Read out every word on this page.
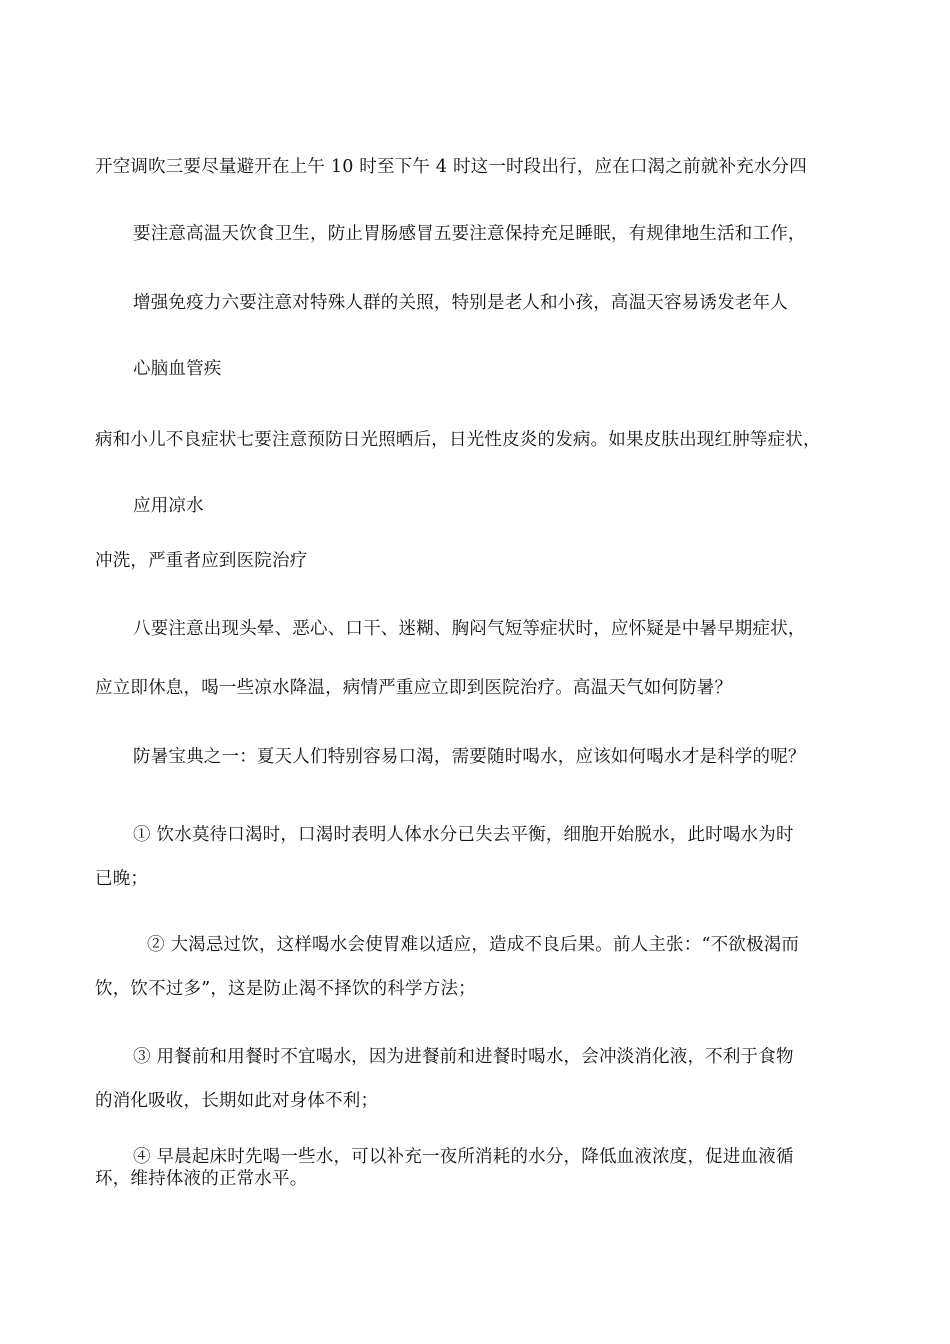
开空调吹三要尽量避开在上午 10 时至下午 4 时这一时段出行，应在口渴之前就补充水分四
要注意高温天饮食卫生，防止胃肠感冒五要注意保持充足睡眠，有规律地生活和工作，
增强免疫力六要注意对特殊人群的关照，特别是老人和小孩，高温天容易诱发老年人
心脑血管疾
病和小儿不良症状七要注意预防日光照晒后，日光性皮炎的发病。如果皮肤出现红肿等症状，
应用凉水
冲洗，严重者应到医院治疗
八要注意出现头晕、恶心、口干、迷糊、胸闷气短等症状时，应怀疑是中暑早期症状，
应立即休息，喝一些凉水降温，病情严重应立即到医院治疗。高温天气如何防暑？
防暑宝典之一：夏天人们特别容易口渴，需要随时喝水，应该如何喝水才是科学的呢？
① 饮水莫待口渴时，口渴时表明人体水分已失去平衡，细胞开始脱水，此时喝水为时
已晚；
② 大渴忌过饮，这样喝水会使胃难以适应，造成不良后果。前人主张：“不欲极渴而
饮，饮不过多”，这是防止渴不择饮的科学方法；
③ 用餐前和用餐时不宜喝水，因为进餐前和进餐时喝水，会冲淡消化液，不利于食物
的消化吸收，长期如此对身体不利；
④ 早晨起床时先喝一些水，可以补充一夜所消耗的水分，降低血液浓度，促进血液循
环，维持体液的正常水平。
